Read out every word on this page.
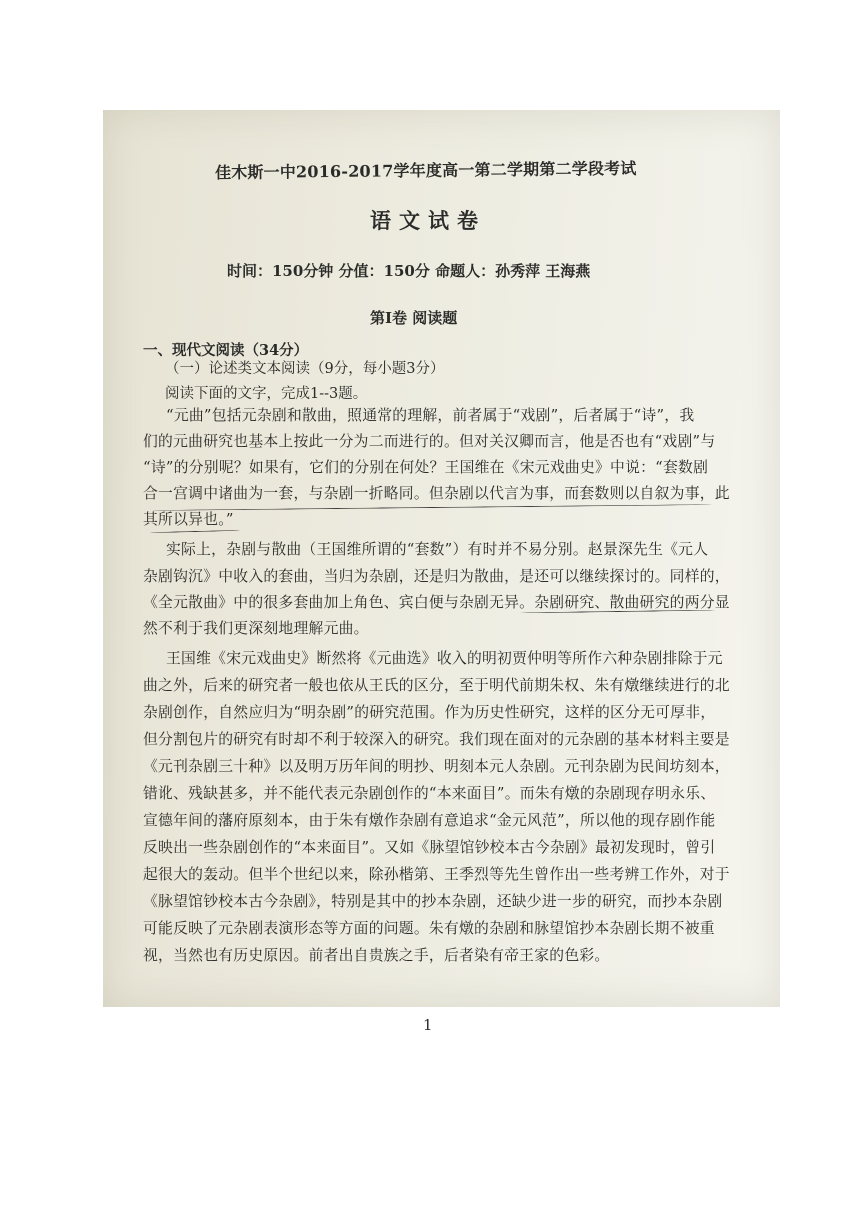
佳木斯一中2016-2017学年度高一第二学期第二学段考试
语文试卷
时间：150分钟 分值：150分 命题人：孙秀萍 王海燕
第Ⅰ卷 阅读题
一、现代文阅读（34分）
（一）论述类文本阅读（9分，每小题3分）
阅读下面的文字，完成1--3题。
“元曲”包括元杂剧和散曲，照通常的理解，前者属于“戏剧”，后者属于“诗”，我
们的元曲研究也基本上按此一分为二而进行的。但对关汉卿而言，他是否也有“戏剧”与
“诗”的分别呢？如果有，它们的分别在何处？王国维在《宋元戏曲史》中说：“套数剧
合一宫调中诸曲为一套，与杂剧一折略同。但杂剧以代言为事，而套数则以自叙为事，此
其所以异也。”
实际上，杂剧与散曲（王国维所谓的“套数”）有时并不易分别。赵景深先生《元人
杂剧钩沉》中收入的套曲，当归为杂剧，还是归为散曲，是还可以继续探讨的。同样的，
《全元散曲》中的很多套曲加上角色、宾白便与杂剧无异。杂剧研究、散曲研究的两分显
然不利于我们更深刻地理解元曲。
王国维《宋元戏曲史》断然将《元曲选》收入的明初贾仲明等所作六种杂剧排除于元
曲之外，后来的研究者一般也依从王氏的区分，至于明代前期朱权、朱有燉继续进行的北
杂剧创作，自然应归为“明杂剧”的研究范围。作为历史性研究，这样的区分无可厚非，
但分割包片的研究有时却不利于较深入的研究。我们现在面对的元杂剧的基本材料主要是
《元刊杂剧三十种》以及明万历年间的明抄、明刻本元人杂剧。元刊杂剧为民间坊刻本，
错讹、残缺甚多，并不能代表元杂剧创作的“本来面目”。而朱有燉的杂剧现存明永乐、
宣德年间的藩府原刻本，由于朱有燉作杂剧有意追求“金元风范”，所以他的现存剧作能
反映出一些杂剧创作的“本来面目”。又如《脉望馆钞校本古今杂剧》最初发现时，曾引
起很大的轰动。但半个世纪以来，除孙楷第、王季烈等先生曾作出一些考辨工作外，对于
《脉望馆钞校本古今杂剧》，特别是其中的抄本杂剧，还缺少进一步的研究，而抄本杂剧
可能反映了元杂剧表演形态等方面的问题。朱有燉的杂剧和脉望馆抄本杂剧长期不被重
视，当然也有历史原因。前者出自贵族之手，后者染有帝王家的色彩。
1
